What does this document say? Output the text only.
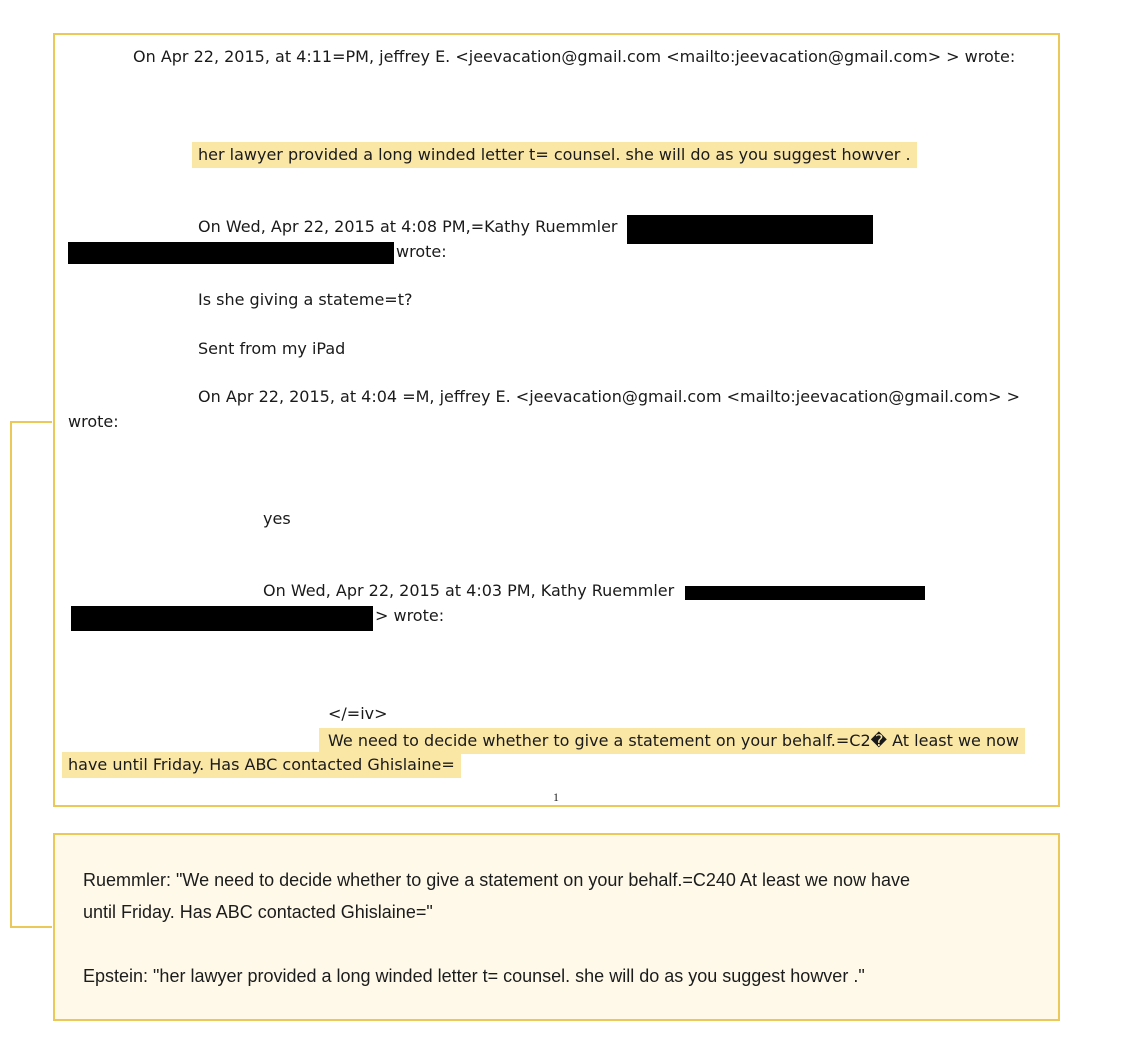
On Apr 22, 2015, at 4:11=PM, jeffrey E. <jeevacation@gmail.com <mailto:jeevacation@gmail.com> > wrote:
her lawyer provided a long winded letter t= counsel. she will do as you suggest howver .
On Wed, Apr 22, 2015 at 4:08 PM,=Kathy Ruemmler
wrote:
Is she giving a stateme=t?
Sent from my iPad
On Apr 22, 2015, at 4:04 =M, jeffrey E. <jeevacation@gmail.com <mailto:jeevacation@gmail.com> >
wrote:
yes
On Wed, Apr 22, 2015 at 4:03 PM, Kathy Ruemmler
> wrote:
</=iv>
We need to decide whether to give a statement on your behalf.=C2� At least we now
have until Friday. Has ABC contacted Ghislaine=
1
Ruemmler: "We need to decide whether to give a statement on your behalf.=C240 At least we now have
until Friday. Has ABC contacted Ghislaine="
Epstein: "her lawyer provided a long winded letter t= counsel. she will do as you suggest howver ."
